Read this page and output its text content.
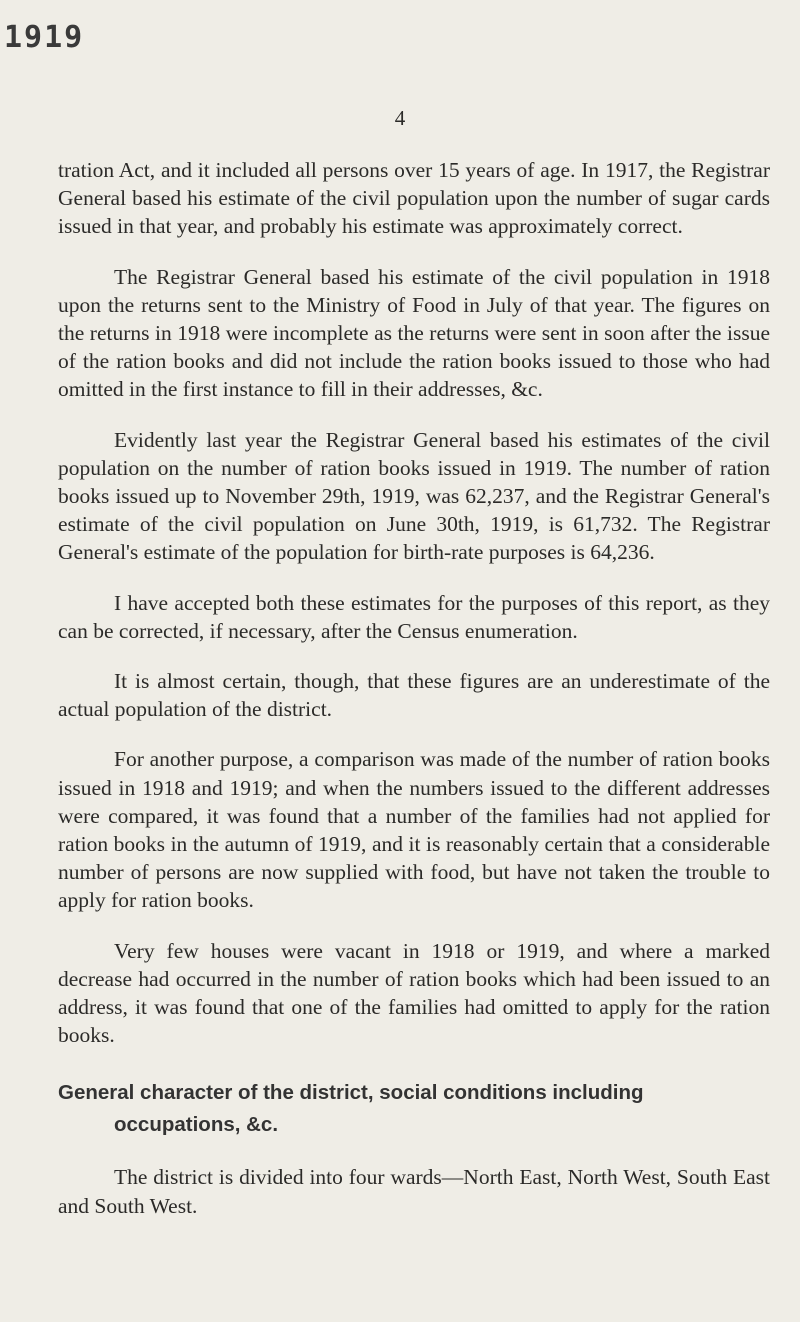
1919
4

tration Act, and it included all persons over 15 years of age. In 1917, the Registrar General based his estimate of the civil population upon the number of sugar cards issued in that year, and probably his estimate was approximately correct.

The Registrar General based his estimate of the civil population in 1918 upon the returns sent to the Ministry of Food in July of that year. The figures on the returns in 1918 were incomplete as the returns were sent in soon after the issue of the ration books and did not include the ration books issued to those who had omitted in the first instance to fill in their addresses, &c.

Evidently last year the Registrar General based his estimates of the civil population on the number of ration books issued in 1919. The number of ration books issued up to November 29th, 1919, was 62,237, and the Registrar General's estimate of the civil population on June 30th, 1919, is 61,732. The Registrar General's estimate of the population for birth-rate purposes is 64,236.

I have accepted both these estimates for the purposes of this report, as they can be corrected, if necessary, after the Census enumeration.

It is almost certain, though, that these figures are an underestimate of the actual population of the district.

For another purpose, a comparison was made of the number of ration books issued in 1918 and 1919; and when the numbers issued to the different addresses were compared, it was found that a number of the families had not applied for ration books in the autumn of 1919, and it is reasonably certain that a considerable number of persons are now supplied with food, but have not taken the trouble to apply for ration books.

Very few houses were vacant in 1918 or 1919, and where a marked decrease had occurred in the number of ration books which had been issued to an address, it was found that one of the families had omitted to apply for the ration books.

General character of the district, social conditions including occupations, &c.

The district is divided into four wards—North East, North West, South East and South West.
